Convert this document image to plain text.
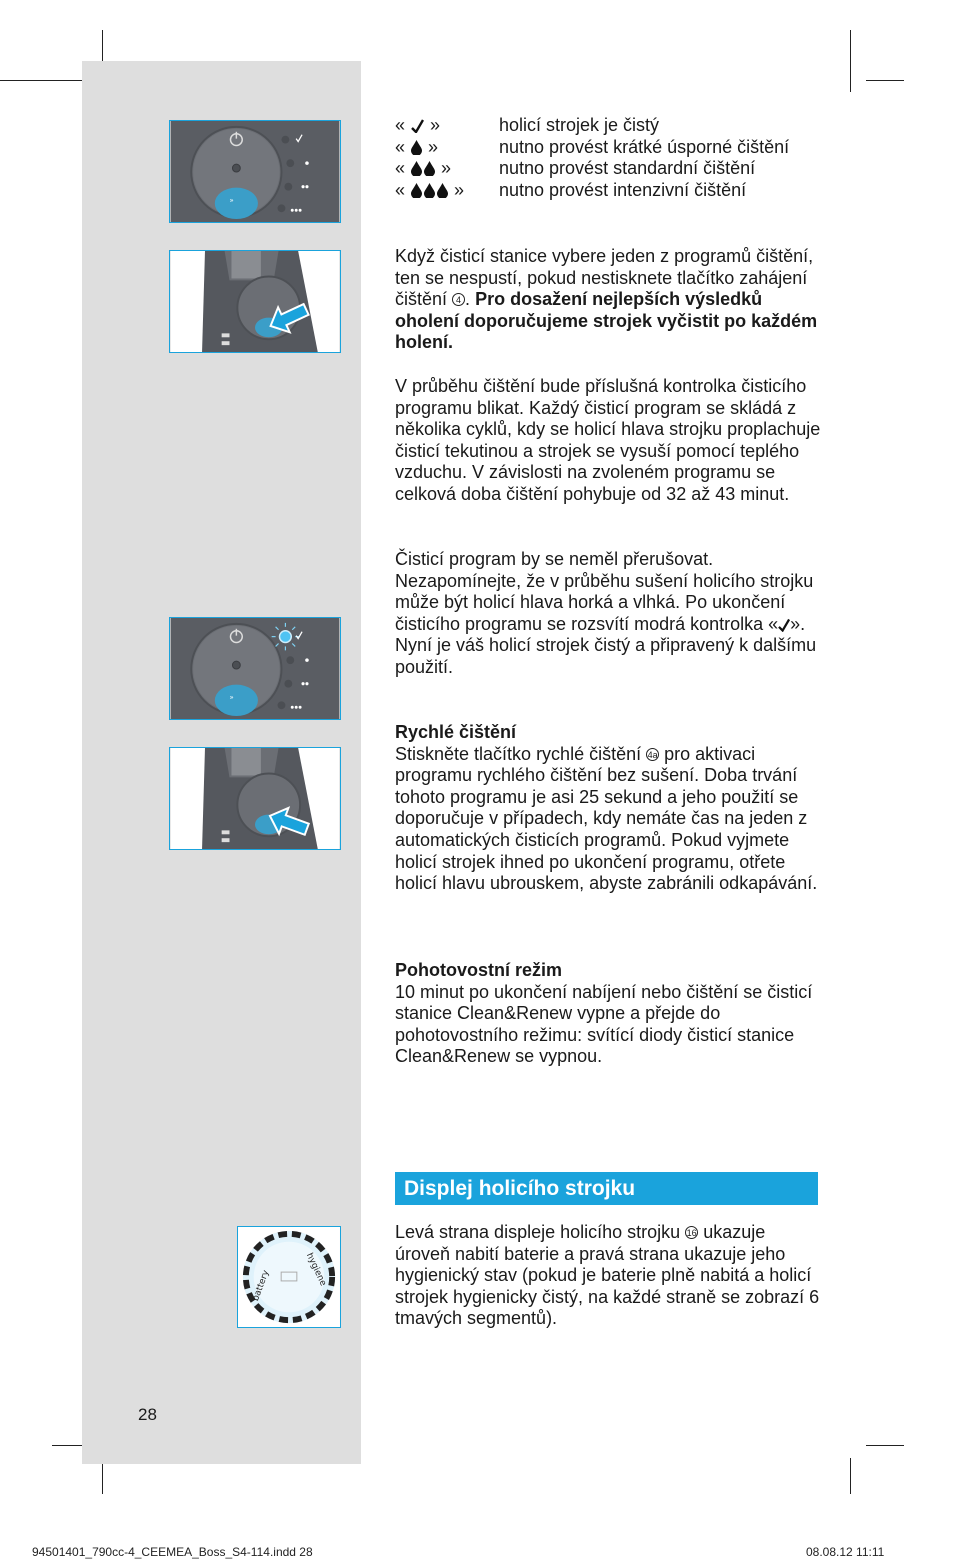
»
»
battery	hygiene
«

»	holicí strojek je čistý
«

»	nutno provést krátké úsporné čištění
«

»	nutno provést standardní čištění
«

	» nutno provést intenzivní čištění

Když čisticí stanice vybere jeden z programů čištění, ten se nespustí, pokud nestisknete tlačítko zahájení čištění 4 . Pro dosažení nejlepších výsledků oholení doporučujeme strojek vyčistit po každém holení.

V průběhu čištění bude příslušná kontrolka čisticího programu blikat. Každý čisticí program se skládá z několika cyklů, kdy se holicí hlava strojku proplachuje čisticí tekutinou a strojek se vysuší pomocí teplého vzduchu. V závislosti na zvoleném programu se celková doba čištění pohybuje od 32 až 43 minut.

Čisticí program by se neměl přerušovat. Nezapomínejte, že v průběhu sušení holicího strojku může být holicí hlava horká a vlhká. Po ukončení čisticího programu se rozsvítí modrá kontrolka « ». Nyní je váš holicí strojek čistý a připravený k dalšímu použití.

Rychlé čištění

Stiskněte tlačítko rychlé čištění 4a pro aktivaci programu rychlého čištění bez sušení. Doba trvání tohoto programu je asi 25 sekund a jeho použití se doporučuje v případech, kdy nemáte čas na jeden z automatických čisticích programů. Pokud vyjmete holicí strojek ihned po ukončení programu, otřete holicí hlavu ubrouskem, abyste zabránili odkapávání.

Pohotovostní režim

10 minut po ukončení nabíjení nebo čištění se čisticí stanice Clean&Renew vypne a přejde do pohotovostního režimu: svítící diody čisticí stanice Clean&Renew se vypnou.

Displej holicího strojku

Levá strana displeje holicího strojku 16 ukazuje úroveň nabití baterie a pravá strana ukazuje jeho hygienický stav (pokud je baterie plně nabitá a holicí strojek hygienicky čistý, na každé straně se zobrazí 6 tmavých segmentů).

28
94501401_790cc-4_CEEMEA_Boss_S4-114.indd 28	08.08.12 11:11
